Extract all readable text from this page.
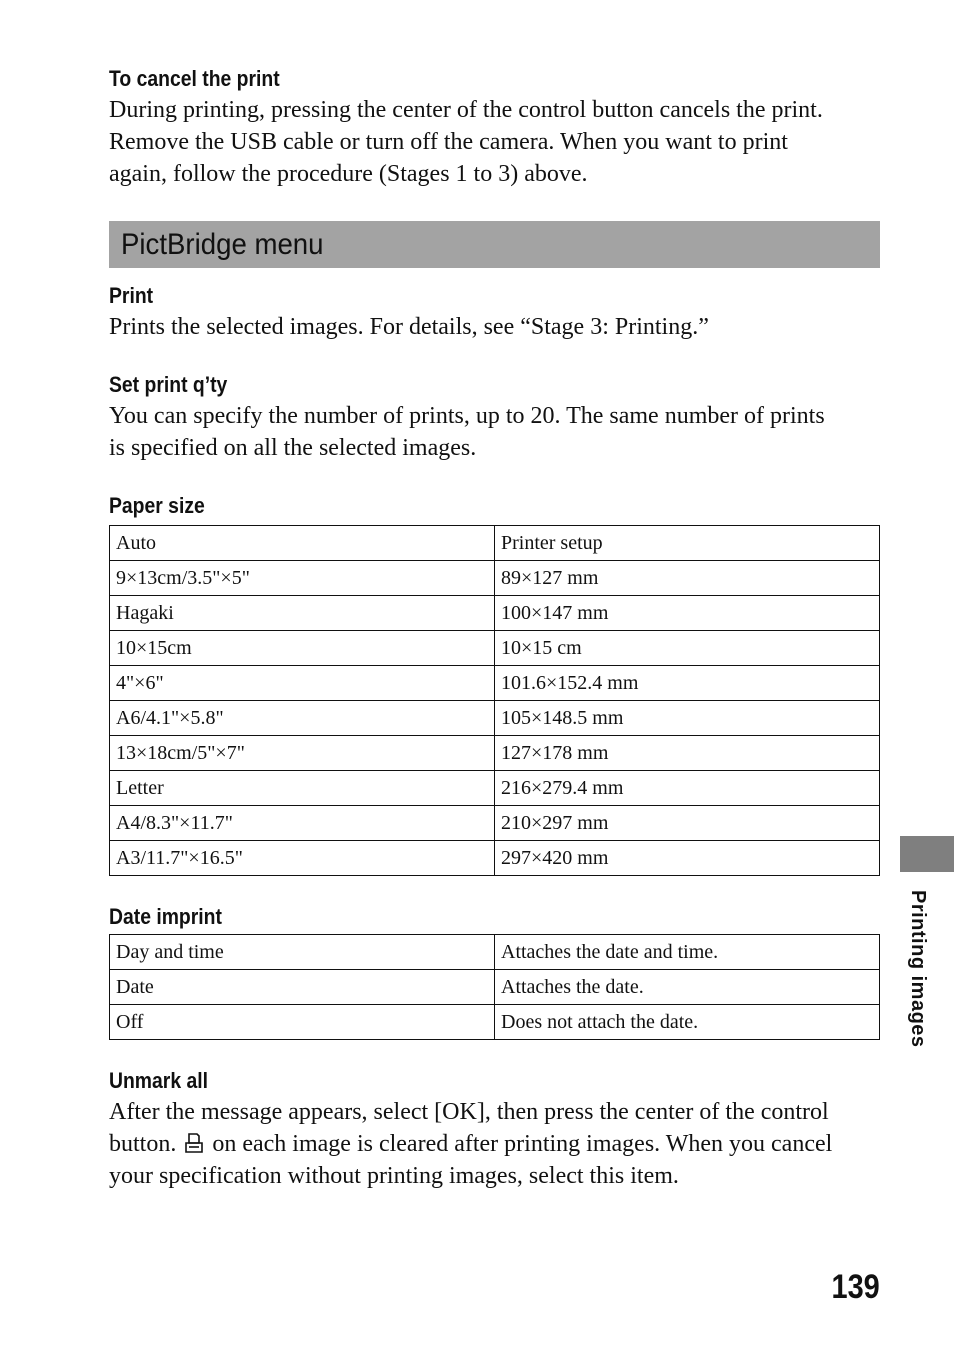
To cancel the print

During printing, pressing the center of the control button cancels the print.
Remove the USB cable or turn off the camera. When you want to print
again, follow the procedure (Stages 1 to 3) above.

PictBridge menu
Print

Prints the selected images. For details, see “Stage 3: Printing.”

Set print q’ty

You can specify the number of prints, up to 20. The same number of prints
is specified on all the selected images.

Paper size
Auto	Printer setup
9×13cm/3.5"×5"	89×127 mm
Hagaki	100×147 mm
10×15cm	10×15 cm
4"×6"	101.6×152.4 mm
A6/4.1"×5.8"	105×148.5 mm
13×18cm/5"×7"	127×178 mm
Letter	216×279.4 mm
A4/8.3"×11.7"	210×297 mm
A3/11.7"×16.5"	297×420 mm
Date imprint
Day and time	Attaches the date and time.
Date	Attaches the date.
Off	Does not attach the date.
Unmark all

After the message appears, select [OK], then press the center of the control
button. on each image is cleared after printing images. When you cancel
your specification without printing images, select this item.

Printing images
139
